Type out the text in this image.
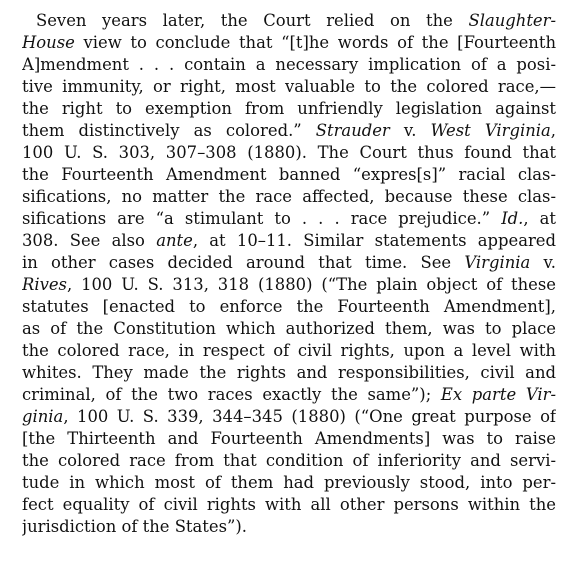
Seven years later, the Court relied on the Slaughter-
House view to conclude that “[t]he words of the [Fourteenth
A]mendment . . . contain a necessary implication of a posi-
tive immunity, or right, most valuable to the colored race,—
the right to exemption from unfriendly legislation against
them distinctively as colored.” Strauder v. West Virginia,
100 U. S. 303, 307–308 (1880). The Court thus found that
the Fourteenth Amendment banned “expres[s]” racial clas-
sifications, no matter the race affected, because these clas-
sifications are “a stimulant to . . . race prejudice.” Id., at
308. See also ante, at 10–11. Similar statements appeared
in other cases decided around that time. See Virginia v.
Rives, 100 U. S. 313, 318 (1880) (“The plain object of these
statutes [enacted to enforce the Fourteenth Amendment],
as of the Constitution which authorized them, was to place
the colored race, in respect of civil rights, upon a level with
whites. They made the rights and responsibilities, civil and
criminal, of the two races exactly the same”); Ex parte Vir-
ginia, 100 U. S. 339, 344–345 (1880) (“One great purpose of
[the Thirteenth and Fourteenth Amendments] was to raise
the colored race from that condition of inferiority and servi-
tude in which most of them had previously stood, into per-
fect equality of civil rights with all other persons within the
jurisdiction of the States”).
